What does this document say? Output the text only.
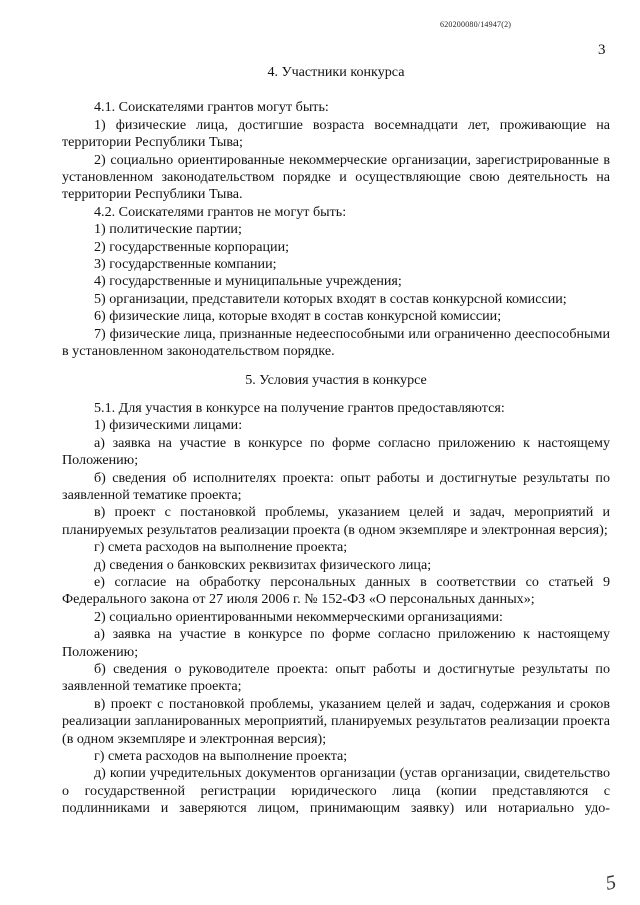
620200080/14947(2)
3
4. Участники конкурса

4.1. Соискателями грантов могут быть:

1) физические лица, достигшие возраста восемнадцати лет, проживающие на территории Республики Тыва;

2) социально ориентированные некоммерческие организации, зарегистрированные в установленном законодательством порядке и осуществляющие свою деятельность на территории Республики Тыва.

4.2. Соискателями грантов не могут быть:

1) политические партии;

2) государственные корпорации;

3) государственные компании;

4) государственные и муниципальные учреждения;

5) организации, представители которых входят в состав конкурсной комиссии;

6) физические лица, которые входят в состав конкурсной комиссии;

7) физические лица, признанные недееспособными или ограниченно дееспособными в установленном законодательством порядке.

5. Условия участия в конкурсе

5.1. Для участия в конкурсе на получение грантов предоставляются:

1) физическими лицами:

а) заявка на участие в конкурсе по форме согласно приложению к настоящему Положению;

б) сведения об исполнителях проекта: опыт работы и достигнутые результаты по заявленной тематике проекта;

в) проект с постановкой проблемы, указанием целей и задач, мероприятий и планируемых результатов реализации проекта (в одном экземпляре и электронная версия);

г) смета расходов на выполнение проекта;

д) сведения о банковских реквизитах физического лица;

е) согласие на обработку персональных данных в соответствии со статьей 9 Федерального закона от 27 июля 2006 г. № 152-ФЗ «О персональных данных»;

2) социально ориентированными некоммерческими организациями:

а) заявка на участие в конкурсе по форме согласно приложению к настоящему Положению;

б) сведения о руководителе проекта: опыт работы и достигнутые результаты по заявленной тематике проекта;

в) проект с постановкой проблемы, указанием целей и задач, содержания и сроков реализации запланированных мероприятий, планируемых результатов реализации проекта (в одном экземпляре и электронная версия);

г) смета расходов на выполнение проекта;

д) копии учредительных документов организации (устав организации, свидетельство о государственной регистрации юридического лица (копии представляются с подлинниками и заверяются лицом, принимающим заявку) или нотариально удо-

5
